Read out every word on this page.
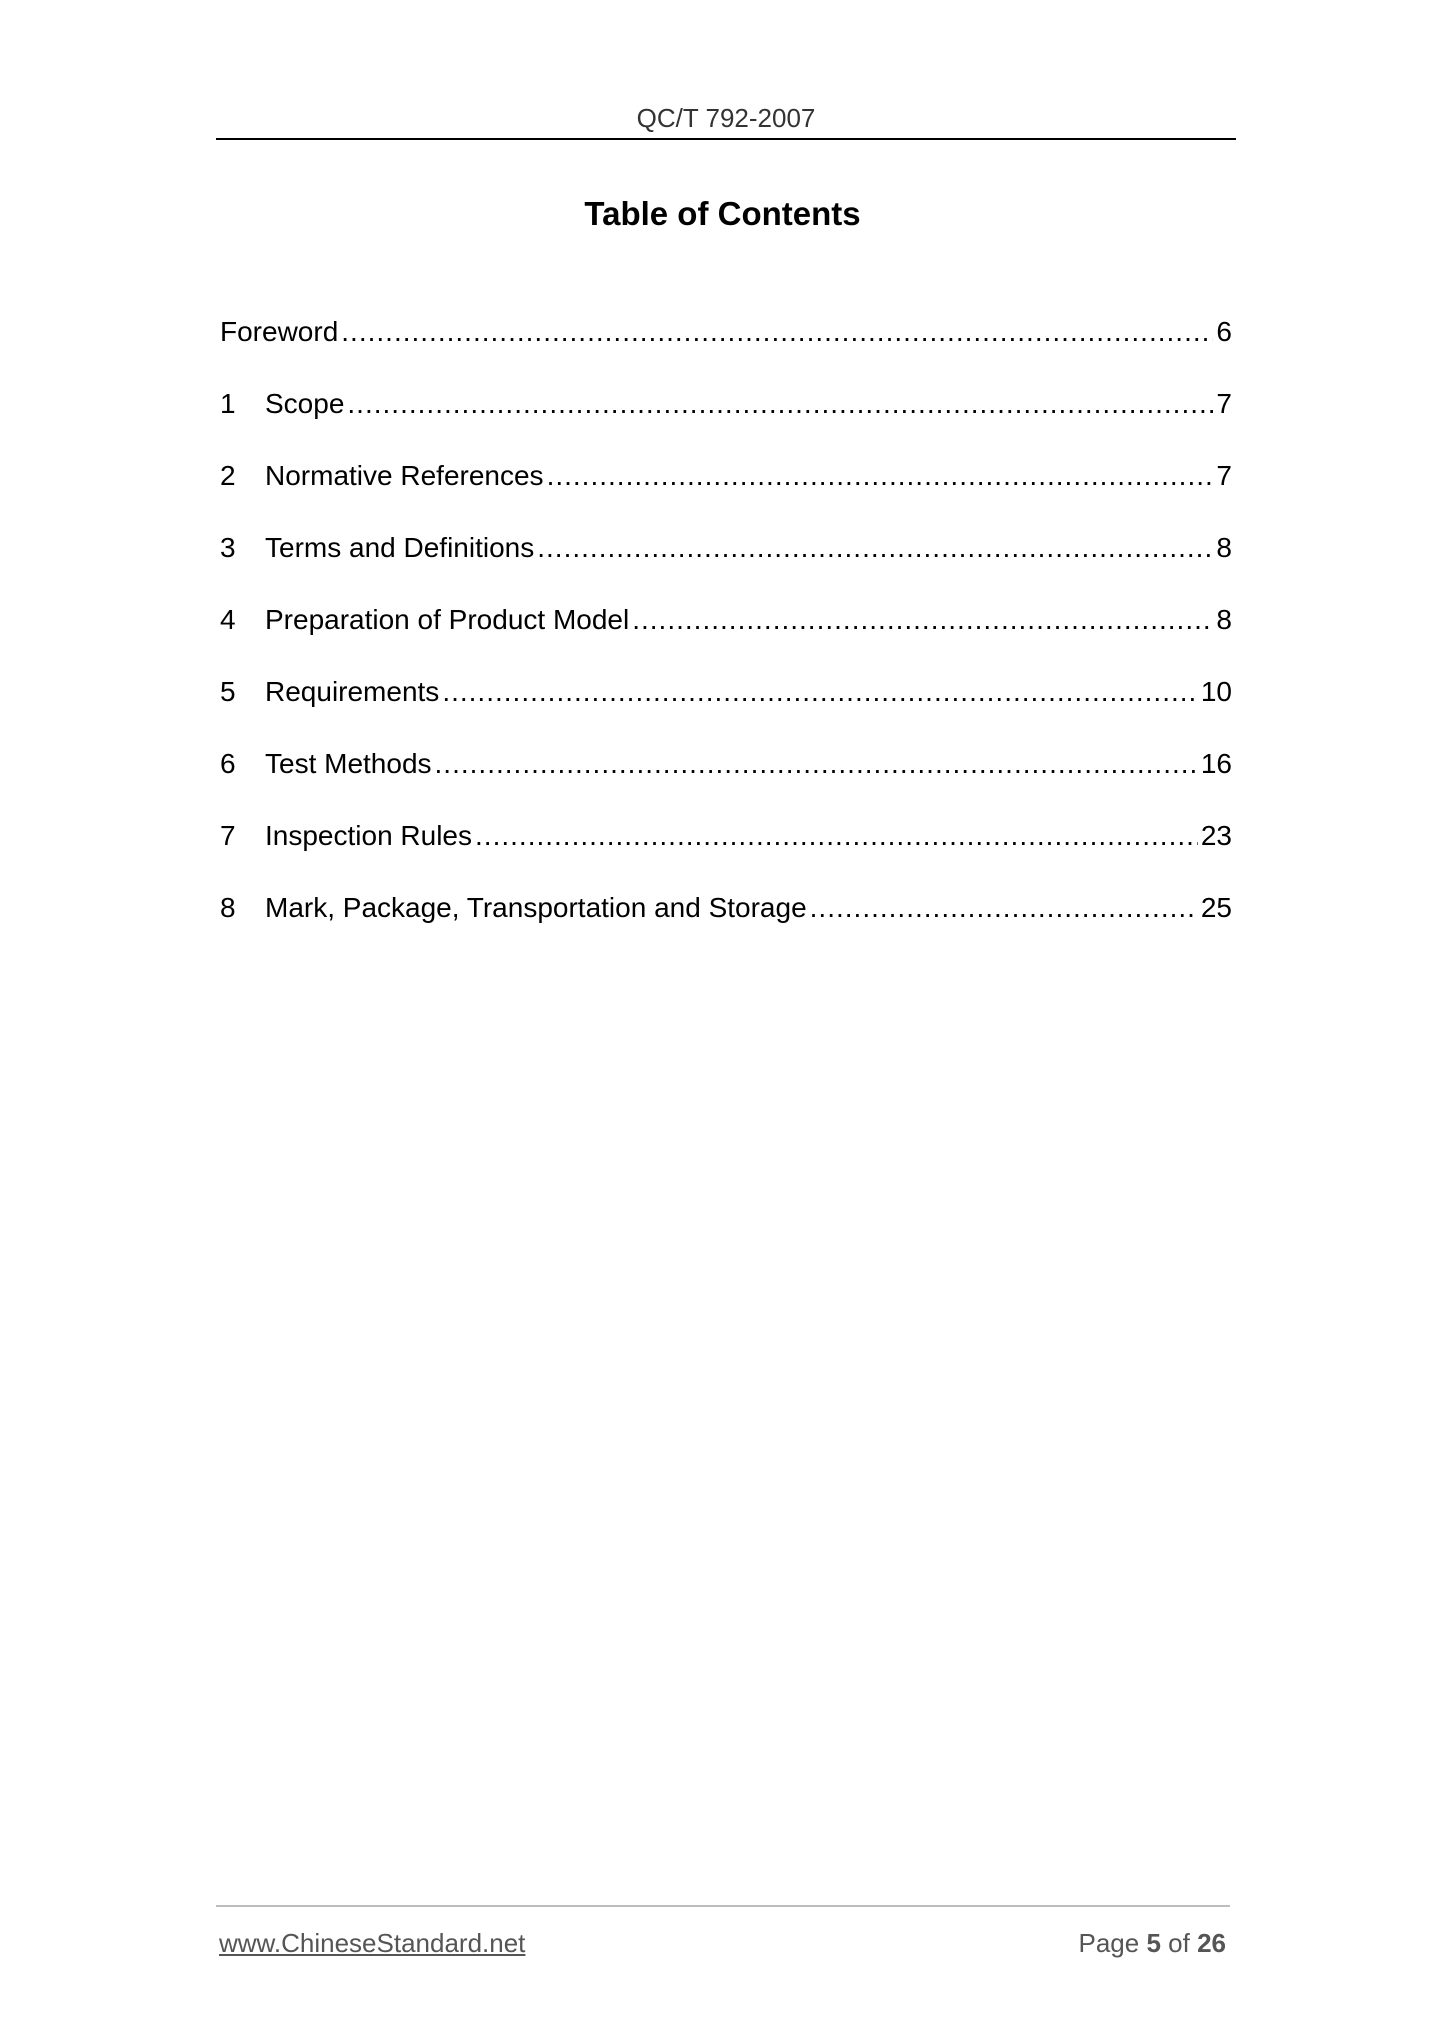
QC/T 792-2007
Table of Contents
Foreword .....	6
1	Scope .....	7
2	Normative References .....	7
3	Terms and Definitions .....	8
4	Preparation of Product Model .....	8
5	Requirements .....	10
6	Test Methods .....	16
7	Inspection Rules .....	23
8	Mark, Package, Transportation and Storage .....	25
www.ChineseStandard.net	Page 5 of 26
